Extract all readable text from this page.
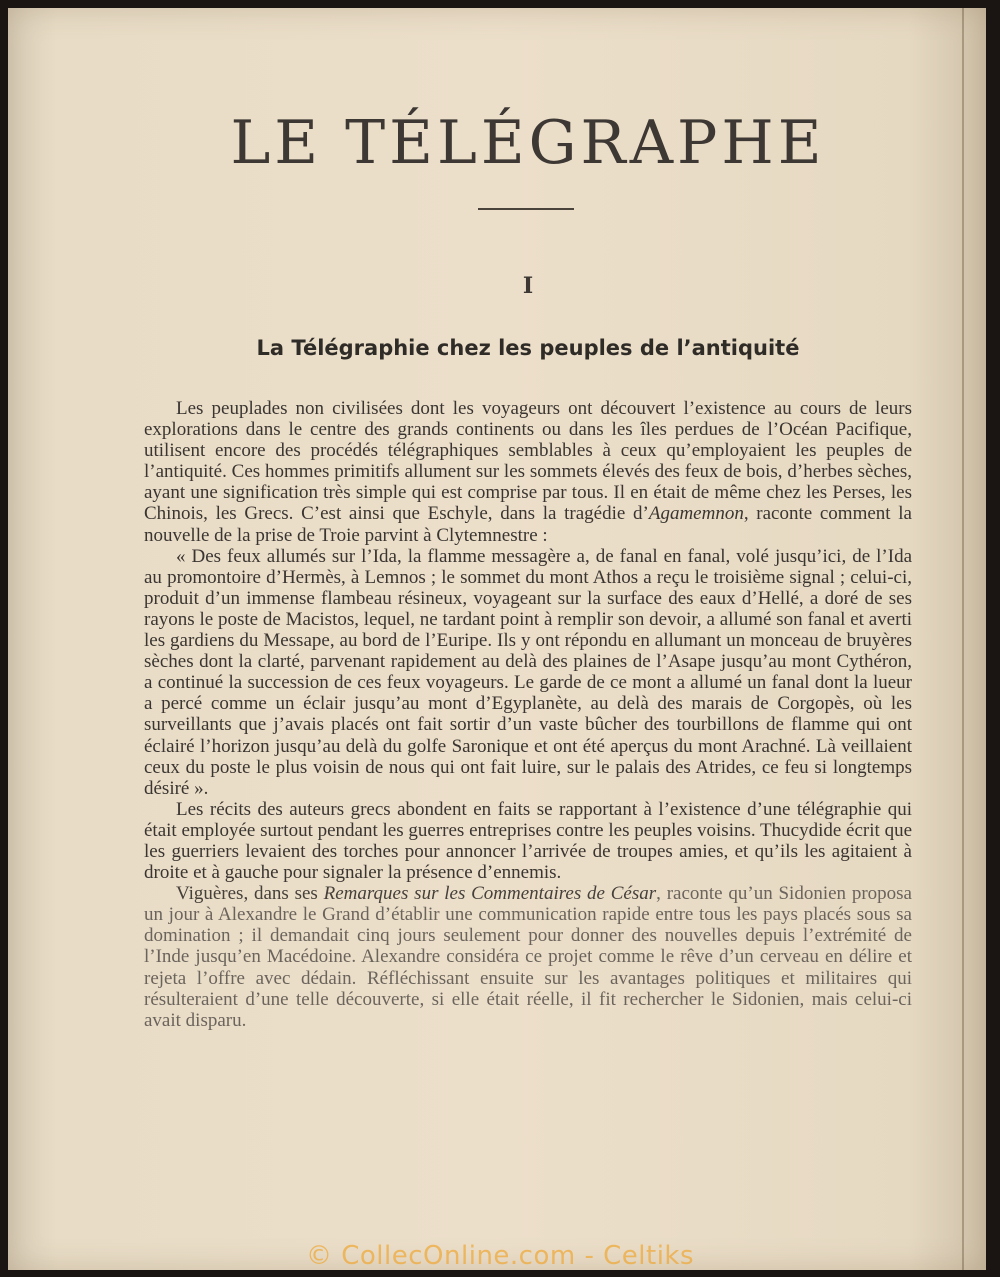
LE TÉLÉGRAPHE
I
La Télégraphie chez les peuples de l’antiquité

Les peuplades non civilisées dont les voyageurs ont découvert l’existence au cours de leurs explorations dans le centre des grands continents ou dans les îles perdues de l’Océan Pacifique, utilisent encore des procédés télégraphiques semblables à ceux qu’employaient les peuples de l’antiquité. Ces hommes primitifs allument sur les sommets élevés des feux de bois, d’herbes sèches, ayant une signification très simple qui est comprise par tous. Il en était de même chez les Perses, les Chinois, les Grecs. C’est ainsi que Eschyle, dans la tragédie d’Agamemnon, raconte comment la nouvelle de la prise de Troie parvint à Clytemnestre :

« Des feux allumés sur l’Ida, la flamme messagère a, de fanal en fanal, volé jusqu’ici, de l’Ida au promontoire d’Hermès, à Lemnos ; le sommet du mont Athos a reçu le troisième signal ; celui-ci, produit d’un immense flambeau résineux, voyageant sur la surface des eaux d’Hellé, a doré de ses rayons le poste de Macistos, lequel, ne tardant point à remplir son devoir, a allumé son fanal et averti les gardiens du Messape, au bord de l’Euripe. Ils y ont répondu en allumant un monceau de bruyères sèches dont la clarté, parvenant rapidement au delà des plaines de l’Asape jusqu’au mont Cythéron, a continué la succession de ces feux voyageurs. Le garde de ce mont a allumé un fanal dont la lueur a percé comme un éclair jusqu’au mont d’Egyplanète, au delà des marais de Corgopès, où les surveillants que j’avais placés ont fait sortir d’un vaste bûcher des tourbillons de flamme qui ont éclairé l’horizon jusqu’au delà du golfe Saronique et ont été aperçus du mont Arachné. Là veillaient ceux du poste le plus voisin de nous qui ont fait luire, sur le palais des Atrides, ce feu si longtemps désiré ».

Les récits des auteurs grecs abondent en faits se rapportant à l’existence d’une télégraphie qui était employée surtout pendant les guerres entreprises contre les peuples voisins. Thucydide écrit que les guerriers levaient des torches pour annoncer l’arrivée de troupes amies, et qu’ils les agitaient à droite et à gauche pour signaler la présence d’ennemis.

Viguères, dans ses Remarques sur les Commentaires de César, raconte qu’un Sidonien proposa un jour à Alexandre le Grand d’établir une communication rapide entre tous les pays placés sous sa domination ; il demandait cinq jours seulement pour donner des nouvelles depuis l’extrémité de l’Inde jusqu’en Macédoine. Alexandre considéra ce projet comme le rêve d’un cerveau en délire et rejeta l’offre avec dédain. Réfléchissant ensuite sur les avantages politiques et militaires qui résulteraient d’une telle découverte, si elle était réelle, il fit rechercher le Sidonien, mais celui-ci avait disparu.

© CollecOnline.com - Celtiks
